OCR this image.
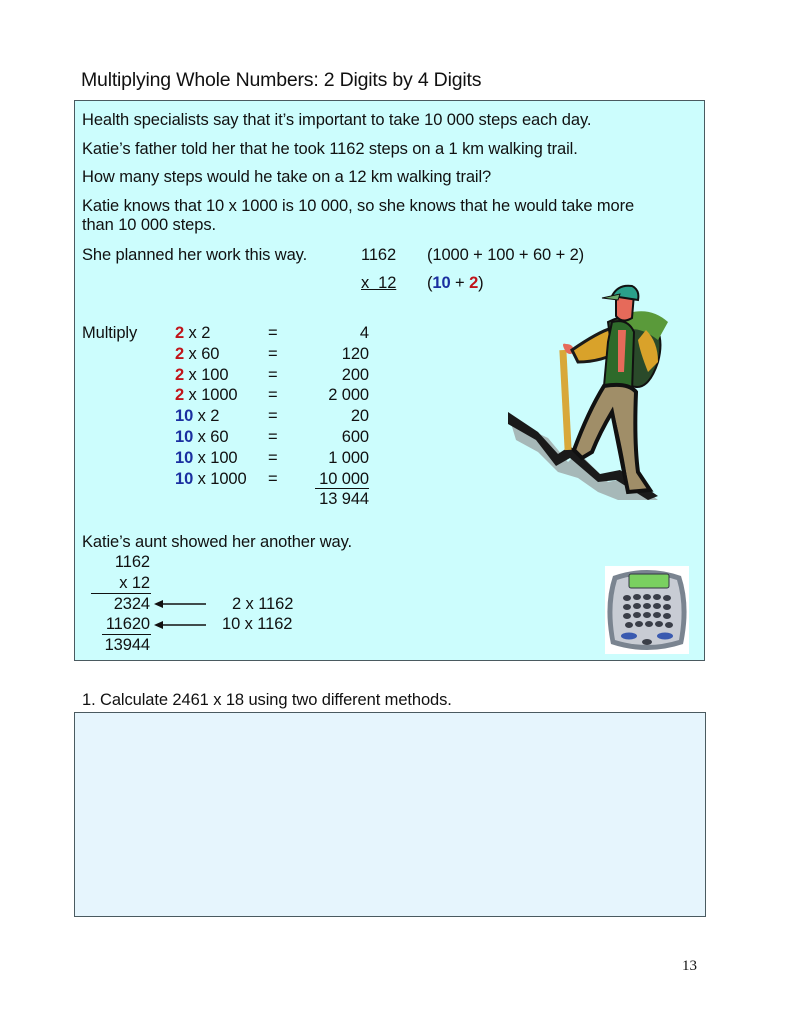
Multiplying Whole Numbers: 2 Digits by 4 Digits
Health specialists say that it’s important to take 10 000 steps each day.
Katie’s father told her that he took 1162 steps on a 1 km walking trail.
How many steps would he take on a 12 km walking trail?
Katie knows that 10 x 1000 is 10 000, so she knows that he would take more
than 10 000 steps.
She planned her work this way.	1162 (1000 + 100 + 60 + 2)
x  12 (10 + 2)
Multiply 2 x 2	=	4
2 x 60	=	120
2 x 100 =	200
2 x 1000 =	2 000
10 x 2	=	20
10 x 60 =	600
10 x 100 =	1 000
10 x 1000 =	10 000
13 944
Katie’s aunt showed her another way.
1162
x 12
2324	2 x 1162
11620	10 x 1162
13944
1. Calculate 2461 x 18 using two different methods.
13
